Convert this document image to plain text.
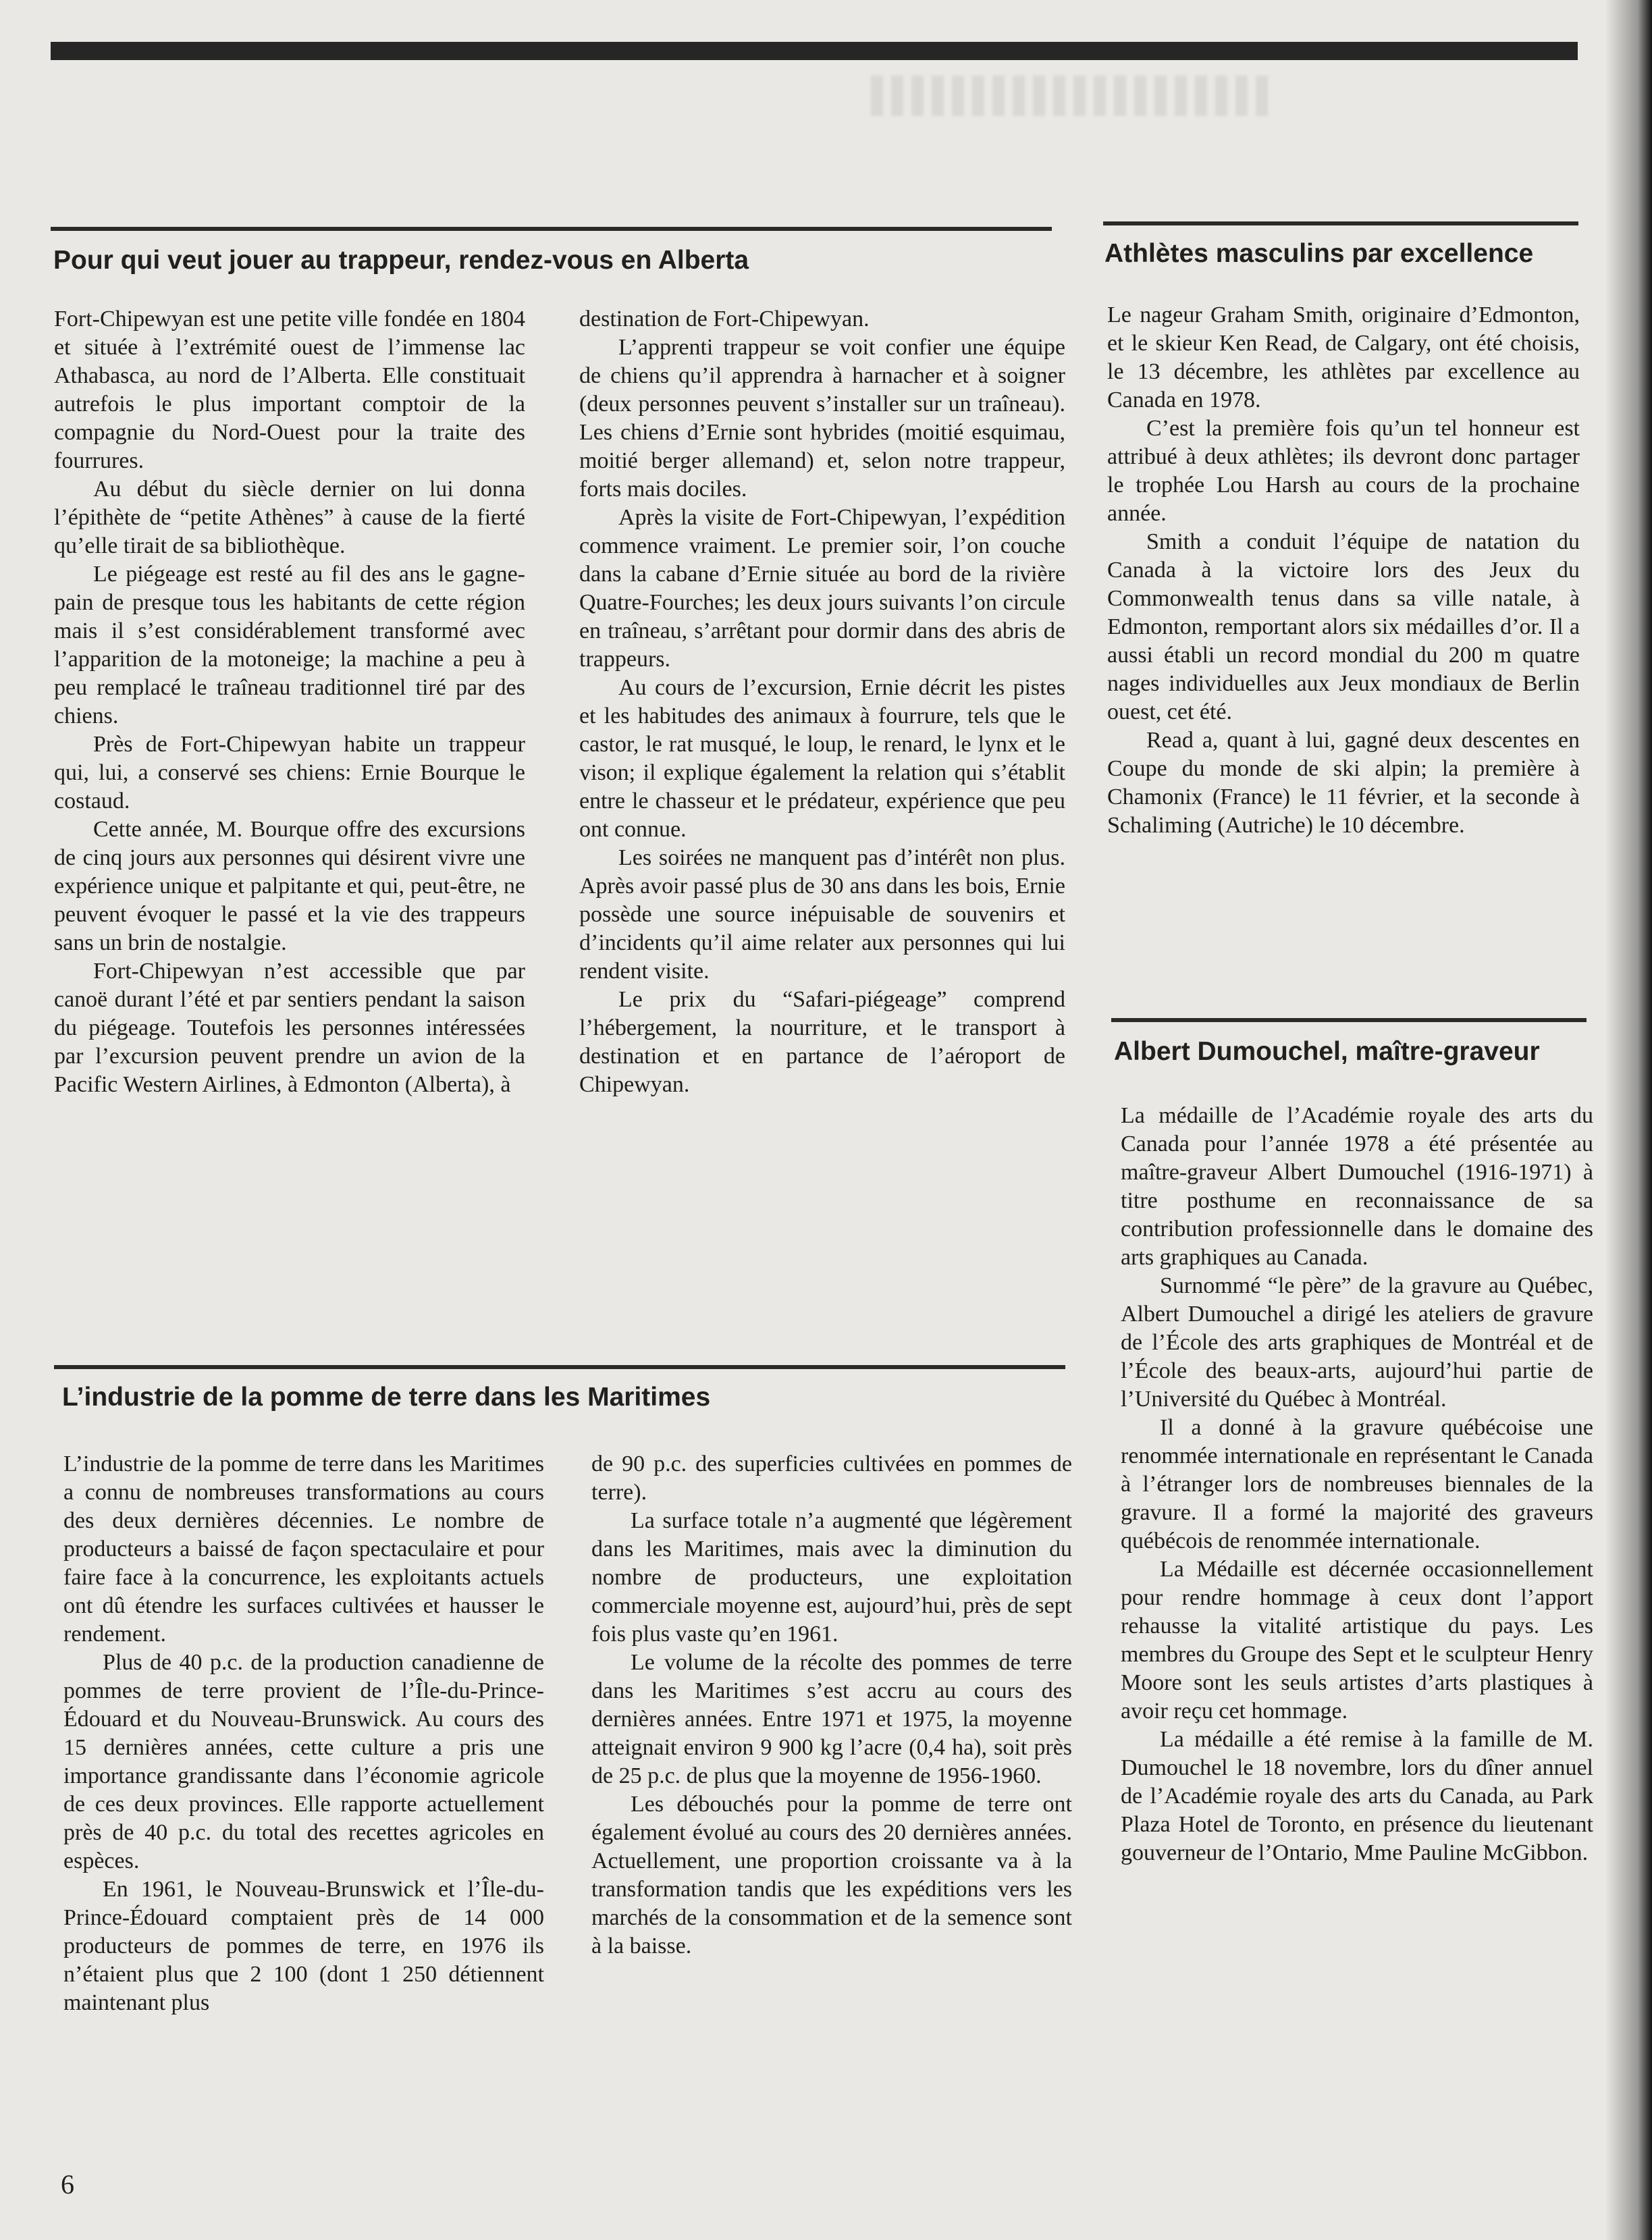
Pour qui veut jouer au trappeur, rendez-vous en Alberta

Fort-Chipewyan est une petite ville fondée en 1804 et située à l’extrémité ouest de l’immense lac Athabasca, au nord de l’Alberta. Elle constituait autrefois le plus important comptoir de la compagnie du Nord-Ouest pour la traite des fourrures.

Au début du siècle dernier on lui donna l’épithète de “petite Athènes” à cause de la fierté qu’elle tirait de sa bibliothèque.

Le piégeage est resté au fil des ans le gagne-pain de presque tous les habitants de cette région mais il s’est considérablement transformé avec l’apparition de la motoneige; la machine a peu à peu remplacé le traîneau traditionnel tiré par des chiens.

Près de Fort-Chipewyan habite un trappeur qui, lui, a conservé ses chiens: Ernie Bourque le costaud.

Cette année, M. Bourque offre des excursions de cinq jours aux personnes qui désirent vivre une expérience unique et palpitante et qui, peut-être, ne peuvent évoquer le passé et la vie des trappeurs sans un brin de nostalgie.

Fort-Chipewyan n’est accessible que par canoë durant l’été et par sentiers pendant la saison du piégeage. Toutefois les personnes intéressées par l’excursion peuvent prendre un avion de la Pacific Western Airlines, à Edmonton (Alberta), à

destination de Fort-Chipewyan.

L’apprenti trappeur se voit confier une équipe de chiens qu’il apprendra à harnacher et à soigner (deux personnes peuvent s’installer sur un traîneau). Les chiens d’Ernie sont hybrides (moitié esquimau, moitié berger allemand) et, selon notre trappeur, forts mais dociles.

Après la visite de Fort-Chipewyan, l’expédition commence vraiment. Le premier soir, l’on couche dans la cabane d’Ernie située au bord de la rivière Quatre-Fourches; les deux jours suivants l’on circule en traîneau, s’arrêtant pour dormir dans des abris de trappeurs.

Au cours de l’excursion, Ernie décrit les pistes et les habitudes des animaux à fourrure, tels que le castor, le rat musqué, le loup, le renard, le lynx et le vison; il explique également la relation qui s’établit entre le chasseur et le prédateur, expérience que peu ont connue.

Les soirées ne manquent pas d’intérêt non plus. Après avoir passé plus de 30 ans dans les bois, Ernie possède une source inépuisable de souvenirs et d’incidents qu’il aime relater aux personnes qui lui rendent visite.

Le prix du “Safari-piégeage” comprend l’hébergement, la nourriture, et le transport à destination et en partance de l’aéroport de Chipewyan.

L’industrie de la pomme de terre dans les Maritimes

L’industrie de la pomme de terre dans les Maritimes a connu de nombreuses transformations au cours des deux dernières décennies. Le nombre de producteurs a baissé de façon spectaculaire et pour faire face à la concurrence, les exploitants actuels ont dû étendre les surfaces cultivées et hausser le rendement.

Plus de 40 p.c. de la production canadienne de pommes de terre provient de l’Île-du-Prince-Édouard et du Nouveau-Brunswick. Au cours des 15 dernières années, cette culture a pris une importance grandissante dans l’économie agricole de ces deux provinces. Elle rapporte actuellement près de 40 p.c. du total des recettes agricoles en espèces.

En 1961, le Nouveau-Brunswick et l’Île-du-Prince-Édouard comptaient près de 14 000 producteurs de pommes de terre, en 1976 ils n’étaient plus que 2 100 (dont 1 250 détiennent maintenant plus

de 90 p.c. des superficies cultivées en pommes de terre).

La surface totale n’a augmenté que légèrement dans les Maritimes, mais avec la diminution du nombre de producteurs, une exploitation commerciale moyenne est, aujourd’hui, près de sept fois plus vaste qu’en 1961.

Le volume de la récolte des pommes de terre dans les Maritimes s’est accru au cours des dernières années. Entre 1971 et 1975, la moyenne atteignait environ 9 900 kg l’acre (0,4 ha), soit près de 25 p.c. de plus que la moyenne de 1956-1960.

Les débouchés pour la pomme de terre ont également évolué au cours des 20 dernières années. Actuellement, une proportion croissante va à la transformation tandis que les expéditions vers les marchés de la consommation et de la semence sont à la baisse.

Athlètes masculins par excellence

Le nageur Graham Smith, originaire d’Edmonton, et le skieur Ken Read, de Calgary, ont été choisis, le 13 décembre, les athlètes par excellence au Canada en 1978.

C’est la première fois qu’un tel honneur est attribué à deux athlètes; ils devront donc partager le trophée Lou Harsh au cours de la prochaine année.

Smith a conduit l’équipe de natation du Canada à la victoire lors des Jeux du Commonwealth tenus dans sa ville natale, à Edmonton, remportant alors six médailles d’or. Il a aussi établi un record mondial du 200 m quatre nages individuelles aux Jeux mondiaux de Berlin ouest, cet été.

Read a, quant à lui, gagné deux descentes en Coupe du monde de ski alpin; la première à Chamonix (France) le 11 février, et la seconde à Schaliming (Autriche) le 10 décembre.

Albert Dumouchel, maître-graveur

La médaille de l’Académie royale des arts du Canada pour l’année 1978 a été présentée au maître-graveur Albert Dumouchel (1916-1971) à titre posthume en reconnaissance de sa contribution professionnelle dans le domaine des arts graphiques au Canada.

Surnommé “le père” de la gravure au Québec, Albert Dumouchel a dirigé les ateliers de gravure de l’École des arts graphiques de Montréal et de l’École des beaux-arts, aujourd’hui partie de l’Université du Québec à Montréal.

Il a donné à la gravure québécoise une renommée internationale en représentant le Canada à l’étranger lors de nombreuses biennales de la gravure. Il a formé la majorité des graveurs québécois de renommée internationale.

La Médaille est décernée occasionnellement pour rendre hommage à ceux dont l’apport rehausse la vitalité artistique du pays. Les membres du Groupe des Sept et le sculpteur Henry Moore sont les seuls artistes d’arts plastiques à avoir reçu cet hommage.

La médaille a été remise à la famille de M. Dumouchel le 18 novembre, lors du dîner annuel de l’Académie royale des arts du Canada, au Park Plaza Hotel de Toronto, en présence du lieutenant gouverneur de l’Ontario, Mme Pauline McGibbon.

6
